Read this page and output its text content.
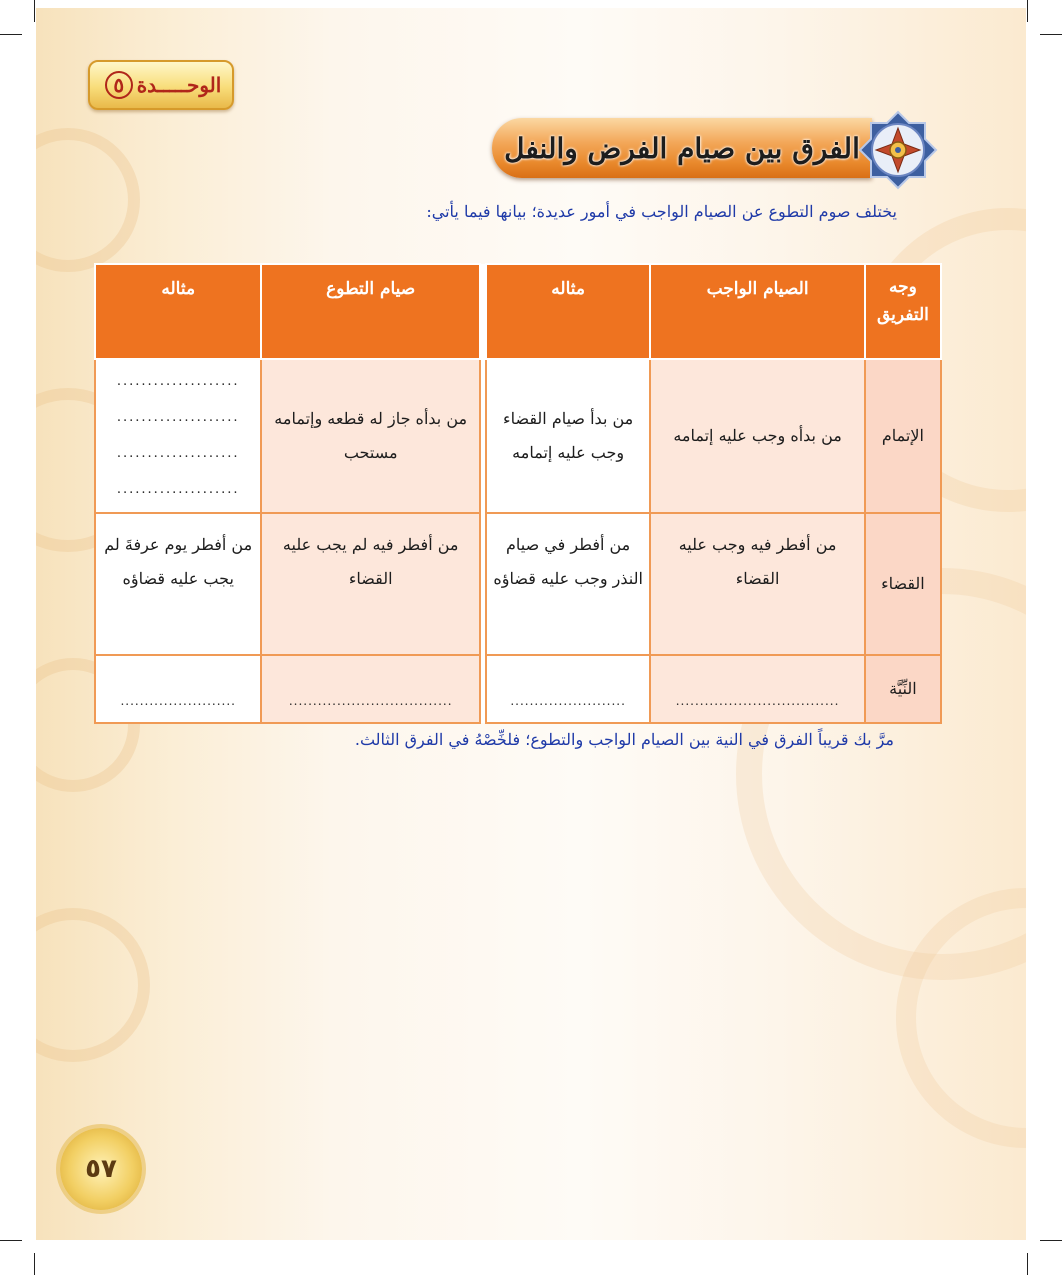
الوحـــــدة
٥
الفرق بين صيام الفرض والنفل
يختلف صوم التطوع عن الصيام الواجب في أمور عديدة؛ بيانها فيما يأتي:
وجه التفريق	الصيام الواجب	مثاله		صيام التطوع	مثاله
الإتمام	من بدأه وجب عليه إتمامه	من بدأ صيام القضاء وجب عليه إتمامه		من بدأه جاز له قطعه وإتمامه مستحب	....................
....................
....................
....................
القضاء	من أفطر فيه وجب عليه القضاء	من أفطر في صيام النذر وجب عليه قضاؤه		من أفطر فيه لم يجب عليه القضاء	من أفطر يوم عرفةَ لم يجب عليه قضاؤه
النِّيَّة	..................................	........................		..................................	........................
مرَّ بك قريباً الفرق في النية بين الصيام الواجب والتطوع؛ فلخِّصْهُ في الفرق الثالث.
٥٧
